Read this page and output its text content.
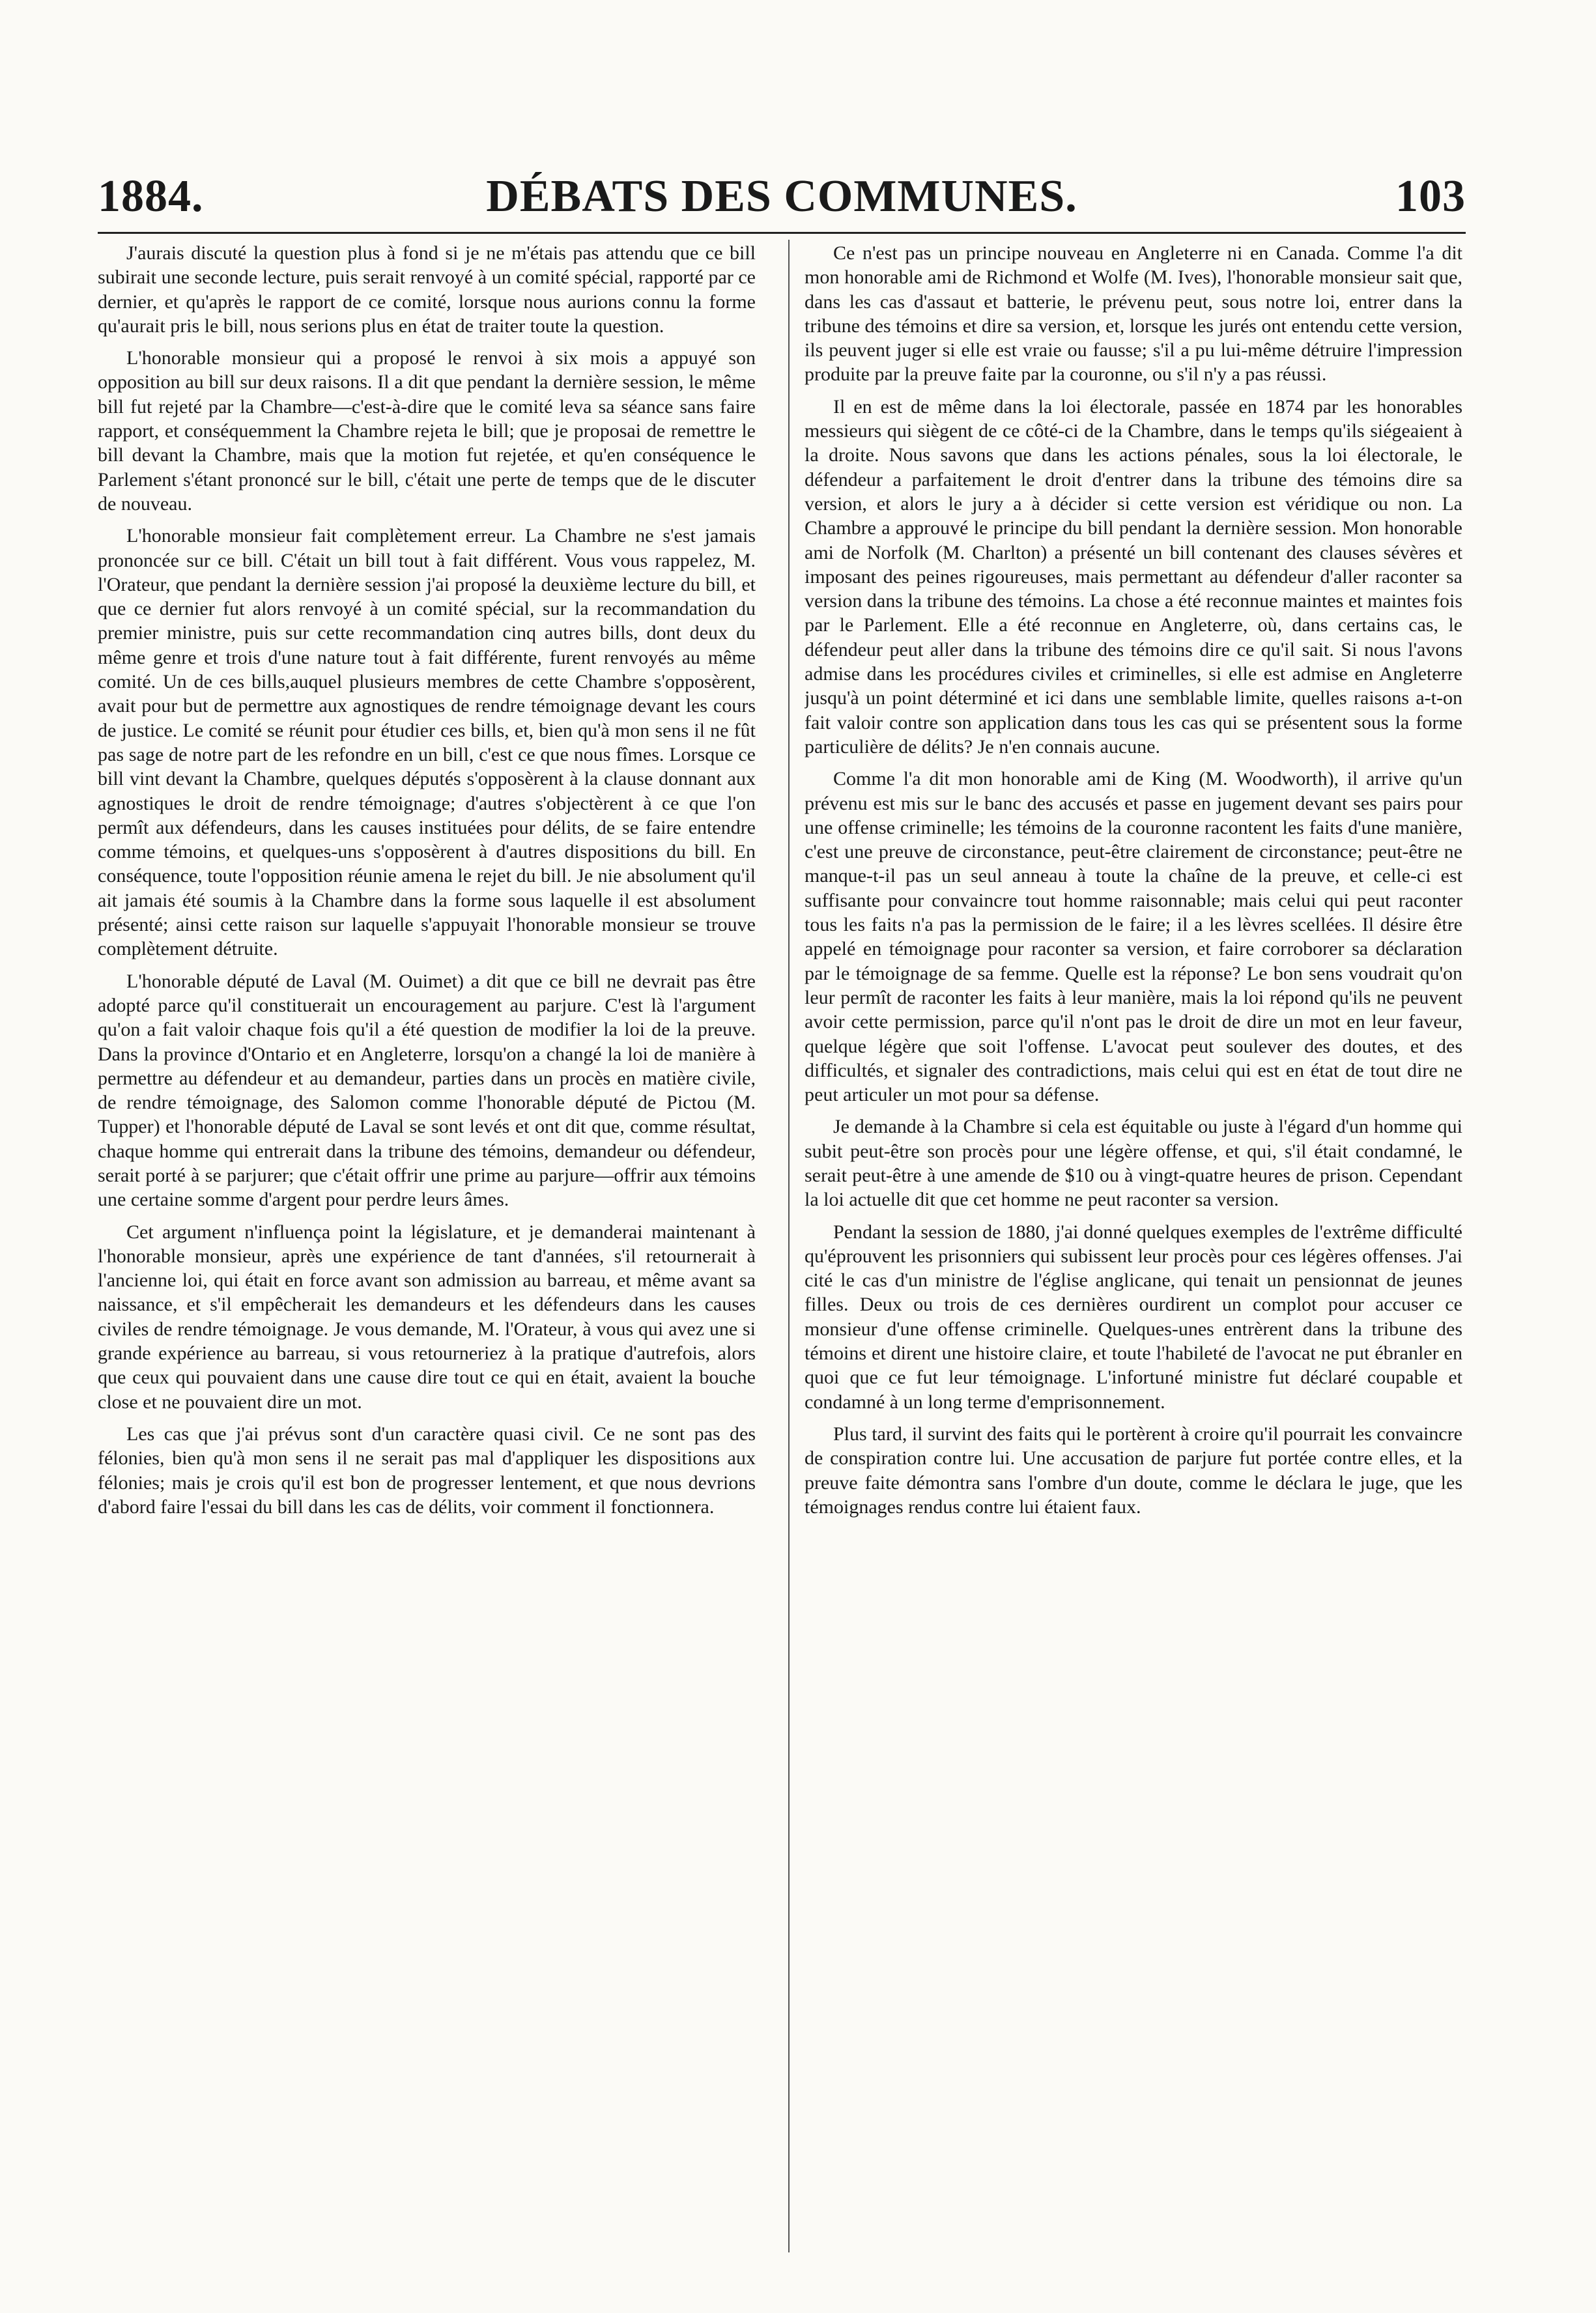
DÉBATS DES COMMUNES.
1884.	103

J'aurais discuté la question plus à fond si je ne m'étais pas attendu que ce bill subirait une seconde lecture, puis serait renvoyé à un comité spécial, rapporté par ce dernier, et qu'après le rapport de ce comité, lorsque nous aurions connu la forme qu'aurait pris le bill, nous serions plus en état de traiter toute la question.

L'honorable monsieur qui a proposé le renvoi à six mois a appuyé son opposition au bill sur deux raisons. Il a dit que pendant la dernière session, le même bill fut rejeté par la Chambre—c'est-à-dire que le comité leva sa séance sans faire rapport, et conséquemment la Chambre rejeta le bill; que je proposai de remettre le bill devant la Chambre, mais que la motion fut rejetée, et qu'en conséquence le Parlement s'étant prononcé sur le bill, c'était une perte de temps que de le discuter de nouveau.

L'honorable monsieur fait complètement erreur. La Chambre ne s'est jamais prononcée sur ce bill. C'était un bill tout à fait différent. Vous vous rappelez, M. l'Orateur, que pendant la dernière session j'ai proposé la deuxième lecture du bill, et que ce dernier fut alors renvoyé à un comité spécial, sur la recommandation du premier ministre, puis sur cette recommandation cinq autres bills, dont deux du même genre et trois d'une nature tout à fait différente, furent renvoyés au même comité. Un de ces bills,auquel plusieurs membres de cette Chambre s'opposèrent, avait pour but de permettre aux agnostiques de rendre témoignage devant les cours de justice. Le comité se réunit pour étudier ces bills, et, bien qu'à mon sens il ne fût pas sage de notre part de les refondre en un bill, c'est ce que nous fîmes. Lorsque ce bill vint devant la Chambre, quelques députés s'opposèrent à la clause donnant aux agnostiques le droit de rendre témoignage; d'autres s'objectèrent à ce que l'on permît aux défendeurs, dans les causes instituées pour délits, de se faire entendre comme témoins, et quelques-uns s'opposèrent à d'autres dispositions du bill. En conséquence, toute l'opposition réunie amena le rejet du bill. Je nie absolument qu'il ait jamais été soumis à la Chambre dans la forme sous laquelle il est absolument présenté; ainsi cette raison sur laquelle s'appuyait l'honorable monsieur se trouve complètement détruite.

L'honorable député de Laval (M. Ouimet) a dit que ce bill ne devrait pas être adopté parce qu'il constituerait un encouragement au parjure. C'est là l'argument qu'on a fait valoir chaque fois qu'il a été question de modifier la loi de la preuve. Dans la province d'Ontario et en Angleterre, lorsqu'on a changé la loi de manière à permettre au défendeur et au demandeur, parties dans un procès en matière civile, de rendre témoignage, des Salomon comme l'honorable député de Pictou (M. Tupper) et l'honorable député de Laval se sont levés et ont dit que, comme résultat, chaque homme qui entrerait dans la tribune des témoins, demandeur ou défendeur, serait porté à se parjurer; que c'était offrir une prime au parjure—offrir aux témoins une certaine somme d'argent pour perdre leurs âmes.

Cet argument n'influença point la législature, et je demanderai maintenant à l'honorable monsieur, après une expérience de tant d'années, s'il retournerait à l'ancienne loi, qui était en force avant son admission au barreau, et même avant sa naissance, et s'il empêcherait les demandeurs et les défendeurs dans les causes civiles de rendre témoignage. Je vous demande, M. l'Orateur, à vous qui avez une si grande expérience au barreau, si vous retourneriez à la pratique d'autrefois, alors que ceux qui pouvaient dans une cause dire tout ce qui en était, avaient la bouche close et ne pouvaient dire un mot.

Les cas que j'ai prévus sont d'un caractère quasi civil. Ce ne sont pas des félonies, bien qu'à mon sens il ne serait pas mal d'appliquer les dispositions aux félonies; mais je crois qu'il est bon de progresser lentement, et que nous devrions d'abord faire l'essai du bill dans les cas de délits, voir comment il fonctionnera.

Ce n'est pas un principe nouveau en Angleterre ni en Canada. Comme l'a dit mon honorable ami de Richmond et Wolfe (M. Ives), l'honorable monsieur sait que, dans les cas d'assaut et batterie, le prévenu peut, sous notre loi, entrer dans la tribune des témoins et dire sa version, et, lorsque les jurés ont entendu cette version, ils peuvent juger si elle est vraie ou fausse; s'il a pu lui-même détruire l'impression produite par la preuve faite par la couronne, ou s'il n'y a pas réussi.

Il en est de même dans la loi électorale, passée en 1874 par les honorables messieurs qui siègent de ce côté-ci de la Chambre, dans le temps qu'ils siégeaient à la droite. Nous savons que dans les actions pénales, sous la loi électorale, le défendeur a parfaitement le droit d'entrer dans la tribune des témoins dire sa version, et alors le jury a à décider si cette version est véridique ou non. La Chambre a approuvé le principe du bill pendant la dernière session. Mon honorable ami de Norfolk (M. Charlton) a présenté un bill contenant des clauses sévères et imposant des peines rigoureuses, mais permettant au défendeur d'aller raconter sa version dans la tribune des témoins. La chose a été reconnue maintes et maintes fois par le Parlement. Elle a été reconnue en Angleterre, où, dans certains cas, le défendeur peut aller dans la tribune des témoins dire ce qu'il sait. Si nous l'avons admise dans les procédures civiles et criminelles, si elle est admise en Angleterre jusqu'à un point déterminé et ici dans une semblable limite, quelles raisons a-t-on fait valoir contre son application dans tous les cas qui se présentent sous la forme particulière de délits? Je n'en connais aucune.

Comme l'a dit mon honorable ami de King (M. Woodworth), il arrive qu'un prévenu est mis sur le banc des accusés et passe en jugement devant ses pairs pour une offense criminelle; les témoins de la couronne racontent les faits d'une manière, c'est une preuve de circonstance, peut-être clairement de circonstance; peut-être ne manque-t-il pas un seul anneau à toute la chaîne de la preuve, et celle-ci est suffisante pour convaincre tout homme raisonnable; mais celui qui peut raconter tous les faits n'a pas la permission de le faire; il a les lèvres scellées. Il désire être appelé en témoignage pour raconter sa version, et faire corroborer sa déclaration par le témoignage de sa femme. Quelle est la réponse? Le bon sens voudrait qu'on leur permît de raconter les faits à leur manière, mais la loi répond qu'ils ne peuvent avoir cette permission, parce qu'il n'ont pas le droit de dire un mot en leur faveur, quelque légère que soit l'offense. L'avocat peut soulever des doutes, et des difficultés, et signaler des contradictions, mais celui qui est en état de tout dire ne peut articuler un mot pour sa défense.

Je demande à la Chambre si cela est équitable ou juste à l'égard d'un homme qui subit peut-être son procès pour une légère offense, et qui, s'il était condamné, le serait peut-être à une amende de $10 ou à vingt-quatre heures de prison. Cependant la loi actuelle dit que cet homme ne peut raconter sa version.

Pendant la session de 1880, j'ai donné quelques exemples de l'extrême difficulté qu'éprouvent les prisonniers qui subissent leur procès pour ces légères offenses. J'ai cité le cas d'un ministre de l'église anglicane, qui tenait un pensionnat de jeunes filles. Deux ou trois de ces dernières ourdirent un complot pour accuser ce monsieur d'une offense criminelle. Quelques-unes entrèrent dans la tribune des témoins et dirent une histoire claire, et toute l'habileté de l'avocat ne put ébranler en quoi que ce fut leur témoignage. L'infortuné ministre fut déclaré coupable et condamné à un long terme d'emprisonnement.

Plus tard, il survint des faits qui le portèrent à croire qu'il pourrait les convaincre de conspiration contre lui. Une accusation de parjure fut portée contre elles, et la preuve faite démontra sans l'ombre d'un doute, comme le déclara le juge, que les témoignages rendus contre lui étaient faux.
